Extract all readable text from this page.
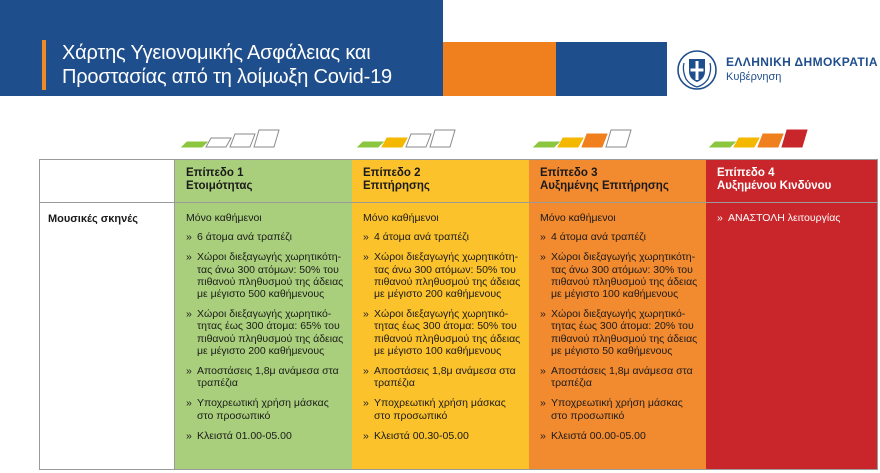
Χάρτης Υγειονομικής Ασφάλειας και
Προστασίας από τη λοίμωξη Covid-19
ΕΛΛΗΝΙΚΗ ΔΗΜΟΚΡΑΤΙΑ
Κυβέρνηση
Μουσικές σκηνές
Επίπεδο 1
Ετοιμότητας
Μόνο καθήμενοι
» 6 άτομα ανά τραπέζι
» Χώροι διεξαγωγής χωρητικότη-
τας άνω 300 ατόμων: 50% του
πιθανού πληθυσμού της άδειας
με μέγιστο 500 καθήμενους
» Χώροι διεξαγωγής χωρητικό-
τητας έως 300 άτομα: 65% του
πιθανού πληθυσμού της άδειας
με μέγιστο 200 καθήμενους
» Αποστάσεις 1,8μ ανάμεσα στα
τραπέζια
» Υποχρεωτική χρήση μάσκας
στο προσωπικό
» Κλειστά 01.00-05.00
Επίπεδο 2
Επιτήρησης
Μόνο καθήμενοι
» 4 άτομα ανά τραπέζι
» Χώροι διεξαγωγής χωρητικότη-
τας άνω 300 ατόμων: 50% του
πιθανού πληθυσμού της άδειας
με μέγιστο 200 καθήμενους
» Χώροι διεξαγωγής χωρητικό-
τητας έως 300 άτομα: 50% του
πιθανού πληθυσμού της άδειας
με μέγιστο 100 καθήμενους
» Αποστάσεις 1,8μ ανάμεσα στα
τραπέζια
» Υποχρεωτική χρήση μάσκας
στο προσωπικό
» Κλειστά 00.30-05.00
Επίπεδο 3
Αυξημένης Επιτήρησης
Μόνο καθήμενοι
» 4 άτομα ανά τραπέζι
» Χώροι διεξαγωγής χωρητικότη-
τας άνω 300 ατόμων: 30% του
πιθανού πληθυσμού της άδειας
με μέγιστο 100 καθήμενους
» Χώροι διεξαγωγής χωρητικό-
τητας έως 300 άτομα: 20% του
πιθανού πληθυσμού της άδειας
με μέγιστο 50 καθήμενους
» Αποστάσεις 1,8μ ανάμεσα στα
τραπέζια
» Υποχρεωτική χρήση μάσκας
στο προσωπικό
» Κλειστά 00.00-05.00
Επίπεδο 4
Αυξημένου Κινδύνου
» ΑΝΑΣΤΟΛΗ λειτουργίας
